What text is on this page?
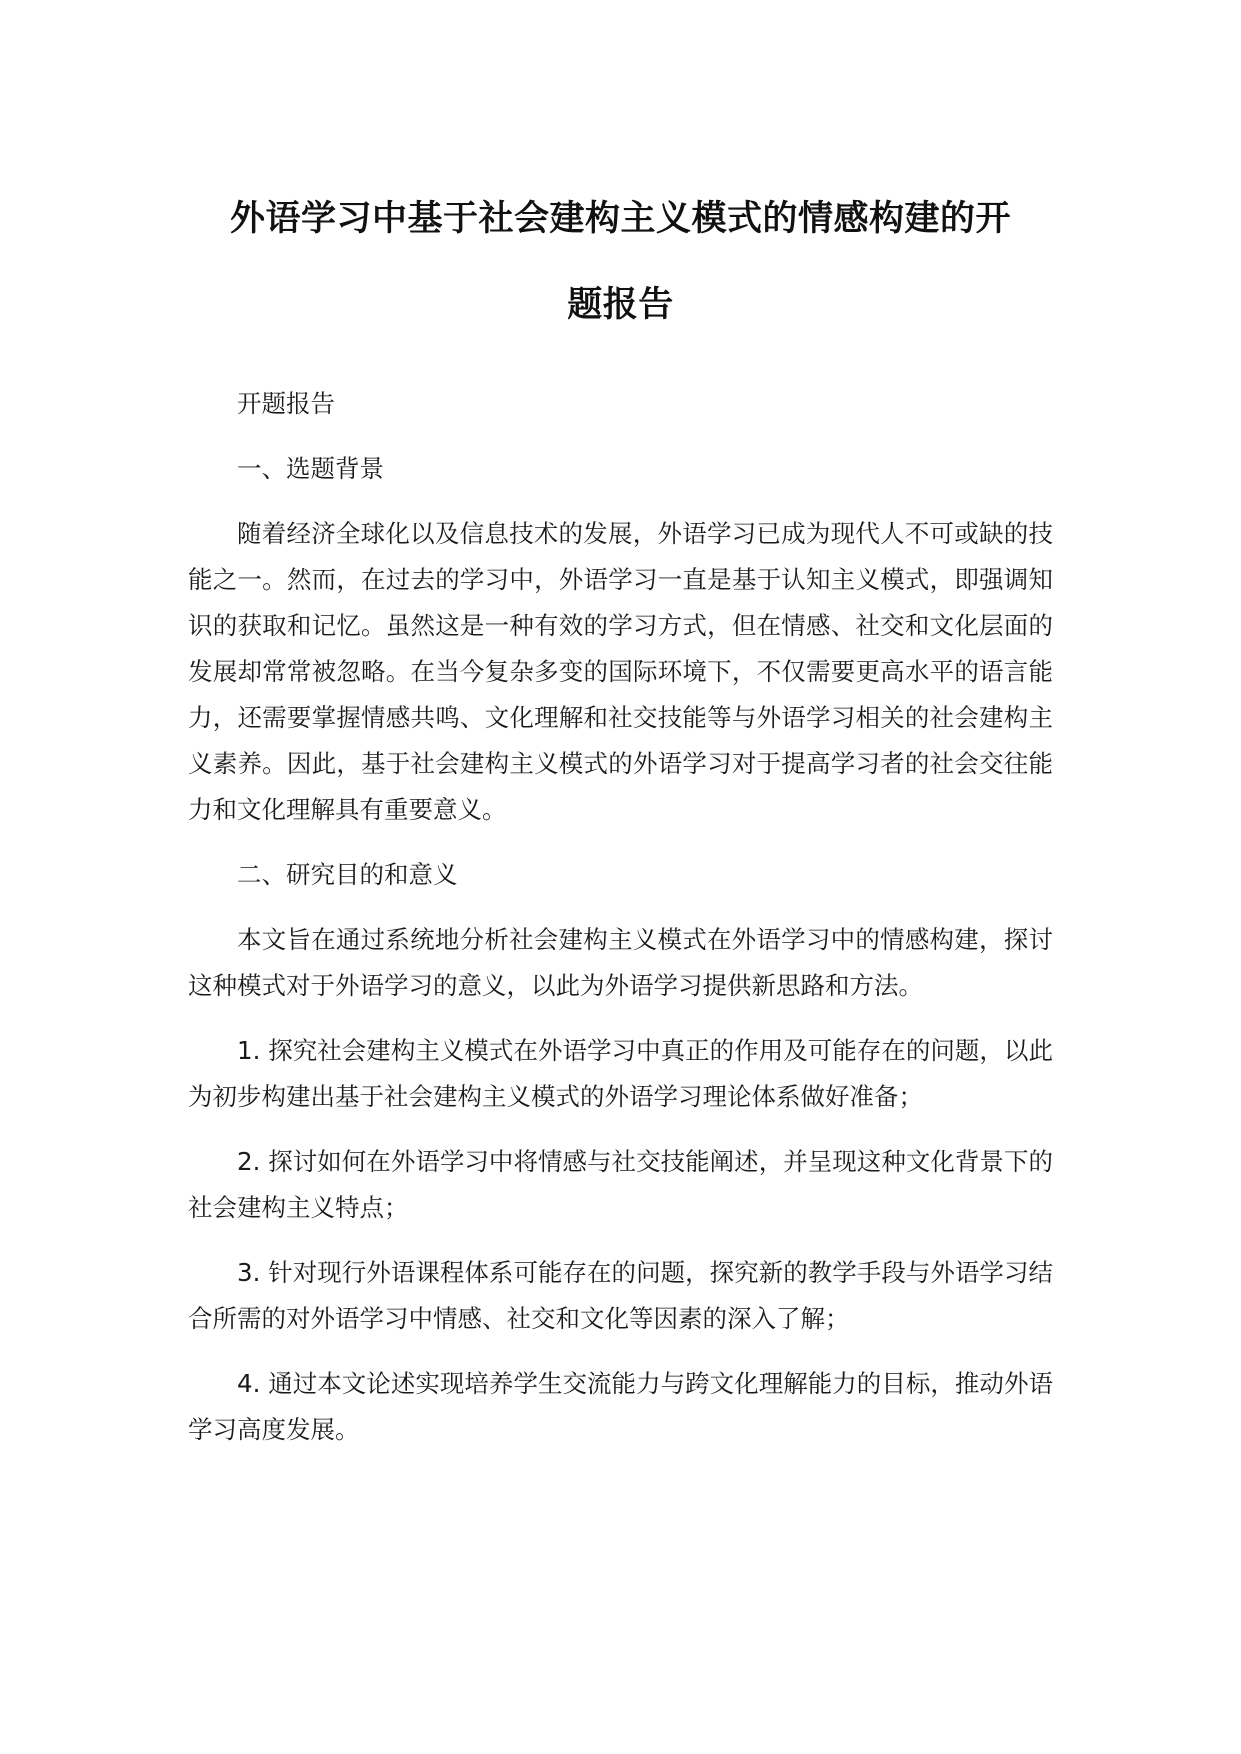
外语学习中基于社会建构主义模式的情感构建的开
题报告

开题报告

一、选题背景

随着经济全球化以及信息技术的发展，外语学习已成为现代人不可或缺的技能之一。然而，在过去的学习中，外语学习一直是基于认知主义模式，即强调知识的获取和记忆。虽然这是一种有效的学习方式，但在情感、社交和文化层面的发展却常常被忽略。在当今复杂多变的国际环境下，不仅需要更高水平的语言能力，还需要掌握情感共鸣、文化理解和社交技能等与外语学习相关的社会建构主义素养。因此，基于社会建构主义模式的外语学习对于提高学习者的社会交往能力和文化理解具有重要意义。

二、研究目的和意义

本文旨在通过系统地分析社会建构主义模式在外语学习中的情感构建，探讨这种模式对于外语学习的意义，以此为外语学习提供新思路和方法。

1. 探究社会建构主义模式在外语学习中真正的作用及可能存在的问题，以此为初步构建出基于社会建构主义模式的外语学习理论体系做好准备；

2. 探讨如何在外语学习中将情感与社交技能阐述，并呈现这种文化背景下的社会建构主义特点；

3. 针对现行外语课程体系可能存在的问题，探究新的教学手段与外语学习结合所需的对外语学习中情感、社交和文化等因素的深入了解；

4. 通过本文论述实现培养学生交流能力与跨文化理解能力的目标，推动外语学习高度发展。
